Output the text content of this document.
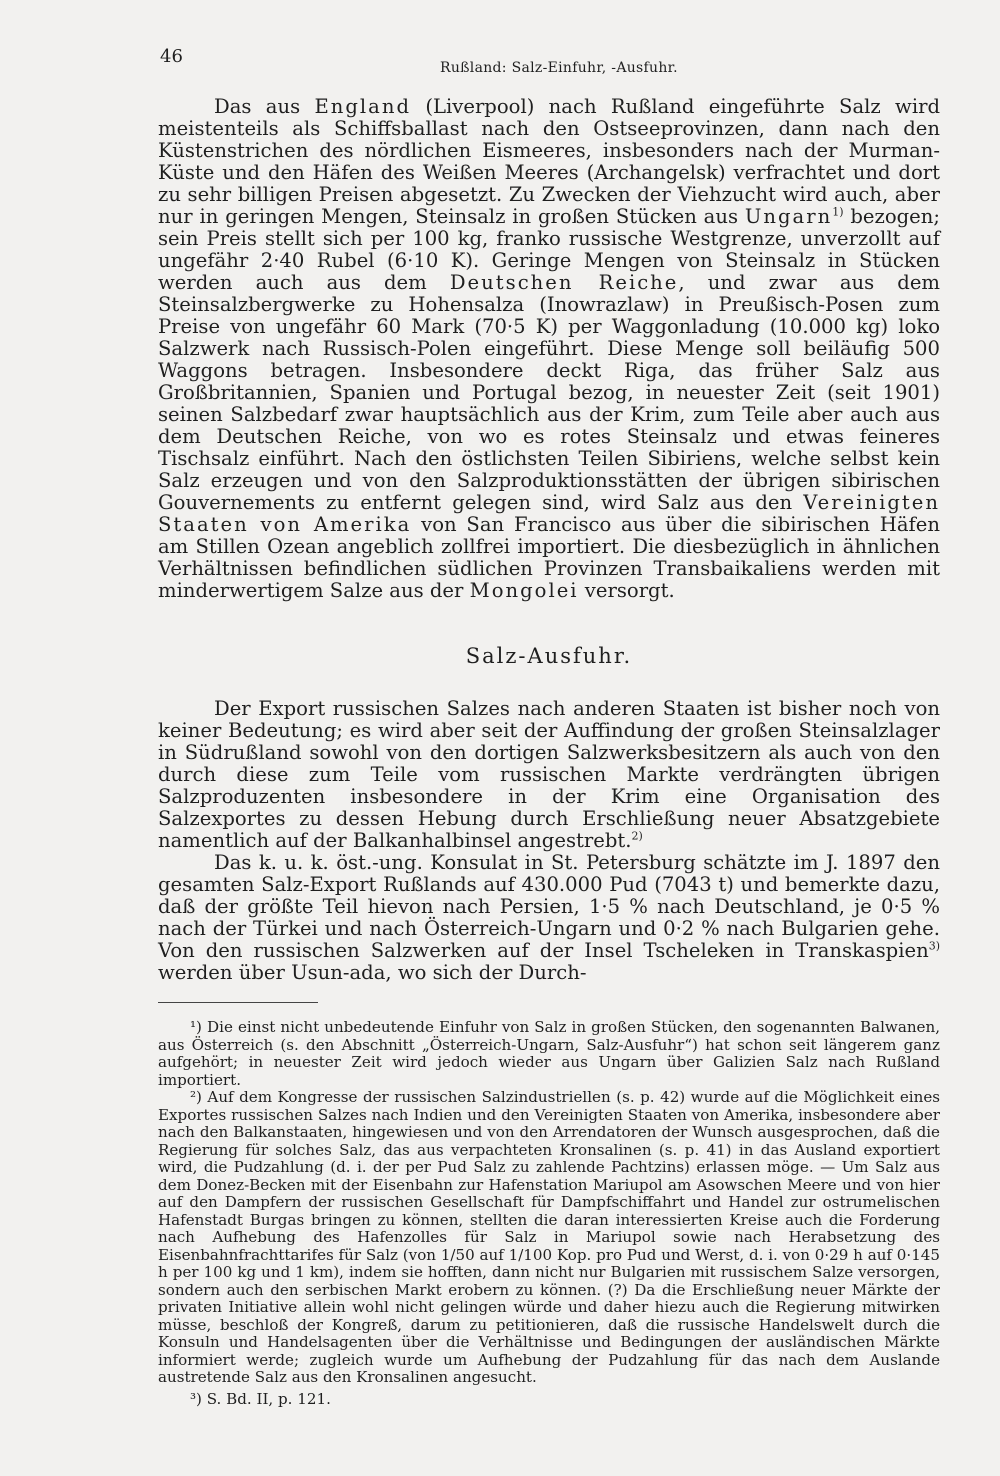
46
Rußland: Salz-Einfuhr, -Ausfuhr.

Das aus England (Liverpool) nach Rußland eingeführte Salz wird meistenteils als Schiffsballast nach den Ostseeprovinzen, dann nach den Küstenstrichen des nördlichen Eismeeres, insbesonders nach der Murman-Küste und den Häfen des Weißen Meeres (Archangelsk) verfrachtet und dort zu sehr billigen Preisen abgesetzt. Zu Zwecken der Viehzucht wird auch, aber nur in geringen Mengen, Steinsalz in großen Stücken aus Ungarn$^{1)}$ bezogen; sein Preis stellt sich per 100 kg, franko russische Westgrenze, unverzollt auf ungefähr 2·40 Rubel (6·10 K). Geringe Mengen von Steinsalz in Stücken werden auch aus dem Deutschen Reiche, und zwar aus dem Steinsalzbergwerke zu Hohensalza (Inowrazlaw) in Preußisch-Posen zum Preise von ungefähr 60 Mark (70·5 K) per Waggonladung (10.000 kg) loko Salzwerk nach Russisch-Polen eingeführt. Diese Menge soll beiläufig 500 Waggons betragen. Insbesondere deckt Riga, das früher Salz aus Großbritannien, Spanien und Portugal bezog, in neuester Zeit (seit 1901) seinen Salzbedarf zwar hauptsächlich aus der Krim, zum Teile aber auch aus dem Deutschen Reiche, von wo es rotes Steinsalz und etwas feineres Tischsalz einführt. Nach den östlichsten Teilen Sibiriens, welche selbst kein Salz erzeugen und von den Salzproduktionsstätten der übrigen sibirischen Gouvernements zu entfernt gelegen sind, wird Salz aus den Vereinigten Staaten von Amerika von San Francisco aus über die sibirischen Häfen am Stillen Ozean angeblich zollfrei importiert. Die diesbezüglich in ähnlichen Verhältnissen befindlichen südlichen Provinzen Transbaikaliens werden mit minderwertigem Salze aus der Mongolei versorgt.

Salz-Ausfuhr.

Der Export russischen Salzes nach anderen Staaten ist bisher noch von keiner Bedeutung; es wird aber seit der Auffindung der großen Steinsalzlager in Südrußland sowohl von den dortigen Salzwerksbesitzern als auch von den durch diese zum Teile vom russischen Markte verdrängten übrigen Salzproduzenten insbesondere in der Krim eine Organisation des Salzexportes zu dessen Hebung durch Erschließung neuer Absatzgebiete namentlich auf der Balkanhalbinsel angestrebt.$^{2)}$

Das k. u. k. öst.-ung. Konsulat in St. Petersburg schätzte im J. 1897 den gesamten Salz-Export Rußlands auf 430.000 Pud (7043 t) und bemerkte dazu, daß der größte Teil hievon nach Persien, 1·5 % nach Deutschland, je 0·5 % nach der Türkei und nach Österreich-Ungarn und 0·2 % nach Bulgarien gehe. Von den russischen Salzwerken auf der Insel Tscheleken in Transkaspien$^{3)}$ werden über Usun-ada, wo sich der Durch-

¹) Die einst nicht unbedeutende Einfuhr von Salz in großen Stücken, den sogenannten Balwanen, aus Österreich (s. den Abschnitt „Österreich-Ungarn, Salz-Ausfuhr“) hat schon seit längerem ganz aufgehört; in neuester Zeit wird jedoch wieder aus Ungarn über Galizien Salz nach Rußland importiert.

²) Auf dem Kongresse der russischen Salzindustriellen (s. p. 42) wurde auf die Möglichkeit eines Exportes russischen Salzes nach Indien und den Vereinigten Staaten von Amerika, insbesondere aber nach den Balkanstaaten, hingewiesen und von den Arrendatoren der Wunsch ausgesprochen, daß die Regierung für solches Salz, das aus verpachteten Kronsalinen (s. p. 41) in das Ausland exportiert wird, die Pudzahlung (d. i. der per Pud Salz zu zahlende Pachtzins) erlassen möge. — Um Salz aus dem Donez-Becken mit der Eisenbahn zur Hafenstation Mariupol am Asowschen Meere und von hier auf den Dampfern der russischen Gesellschaft für Dampfschiffahrt und Handel zur ostrumelischen Hafenstadt Burgas bringen zu können, stellten die daran interessierten Kreise auch die Forderung nach Aufhebung des Hafenzolles für Salz in Mariupol sowie nach Herabsetzung des Eisenbahnfrachttarifes für Salz (von 1/50 auf 1/100 Kop. pro Pud und Werst, d. i. von 0·29 h auf 0·145 h per 100 kg und 1 km), indem sie hofften, dann nicht nur Bulgarien mit russischem Salze versorgen, sondern auch den serbischen Markt erobern zu können. (?) Da die Erschließung neuer Märkte der privaten Initiative allein wohl nicht gelingen würde und daher hiezu auch die Regierung mitwirken müsse, beschloß der Kongreß, darum zu petitionieren, daß die russische Handelswelt durch die Konsuln und Handelsagenten über die Verhältnisse und Bedingungen der ausländischen Märkte informiert werde; zugleich wurde um Aufhebung der Pudzahlung für das nach dem Auslande austretende Salz aus den Kronsalinen angesucht.

³) S. Bd. II, p. 121.
